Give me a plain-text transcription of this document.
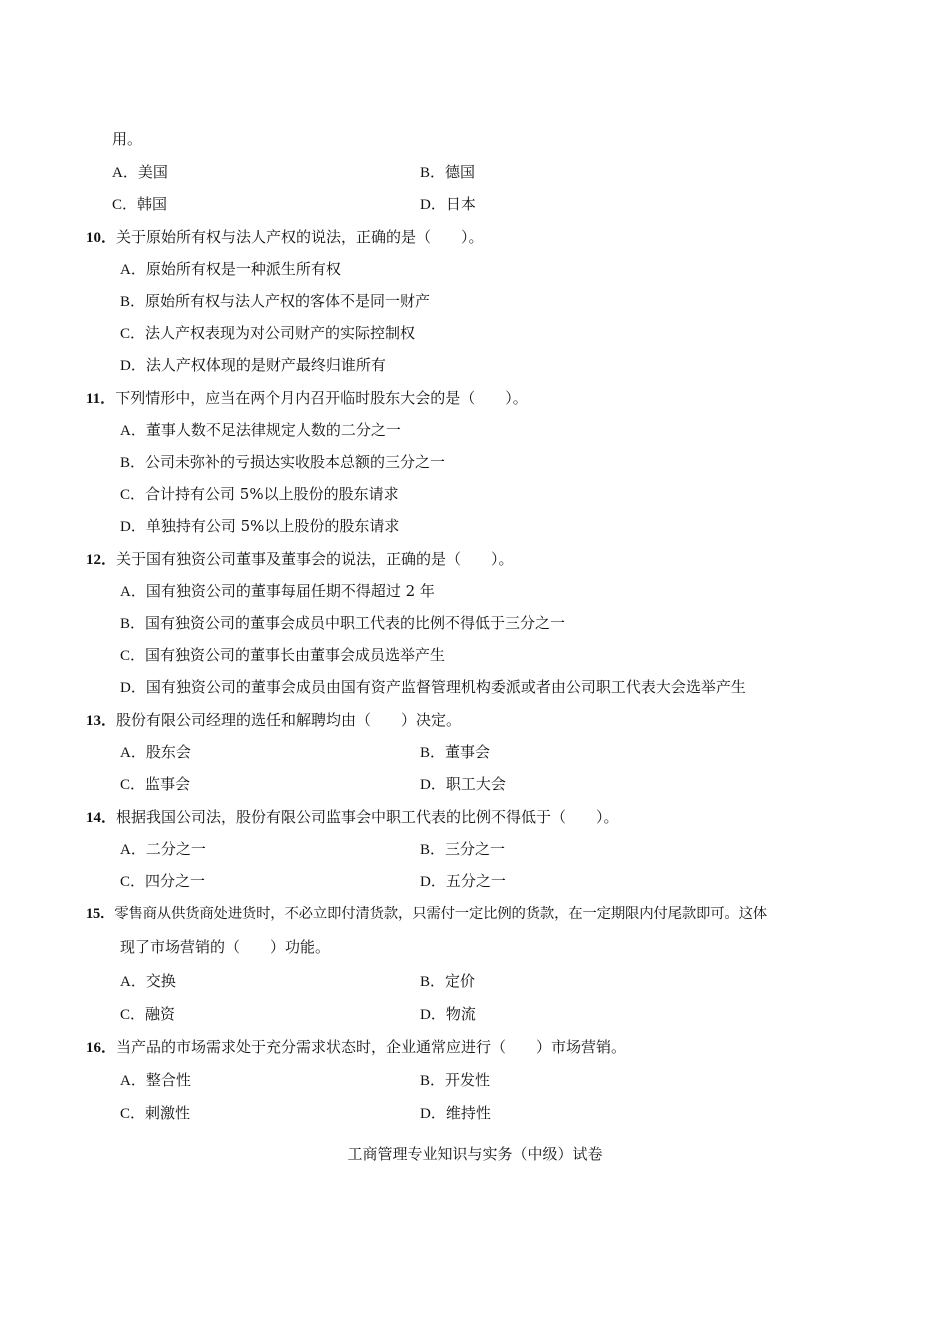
用。
A．美国	B．德国
C．韩国	D．日本
10．关于原始所有权与法人产权的说法，正确的是（　　）。
A．原始所有权是一种派生所有权
B．原始所有权与法人产权的客体不是同一财产
C．法人产权表现为对公司财产的实际控制权
D．法人产权体现的是财产最终归谁所有
11．下列情形中，应当在两个月内召开临时股东大会的是（　　）。
A．董事人数不足法律规定人数的二分之一
B．公司未弥补的亏损达实收股本总额的三分之一
C．合计持有公司 5%以上股份的股东请求
D．单独持有公司 5%以上股份的股东请求
12．关于国有独资公司董事及董事会的说法，正确的是（　　）。
A．国有独资公司的董事每届任期不得超过 2 年
B．国有独资公司的董事会成员中职工代表的比例不得低于三分之一
C．国有独资公司的董事长由董事会成员选举产生
D．国有独资公司的董事会成员由国有资产监督管理机构委派或者由公司职工代表大会选举产生
13．股份有限公司经理的选任和解聘均由（　　）决定。
A．股东会	B．董事会
C．监事会	D．职工大会
14．根据我国公司法，股份有限公司监事会中职工代表的比例不得低于（　　）。
A．二分之一	B．三分之一
C．四分之一	D．五分之一
15．零售商从供货商处进货时，不必立即付清货款，只需付一定比例的货款，在一定期限内付尾款即可。这体
现了市场营销的（　　）功能。
A．交换	B．定价
C．融资	D．物流
16．当产品的市场需求处于充分需求状态时，企业通常应进行（　　）市场营销。
A．整合性	B．开发性
C．刺激性	D．维持性
工商管理专业知识与实务（中级）试卷
